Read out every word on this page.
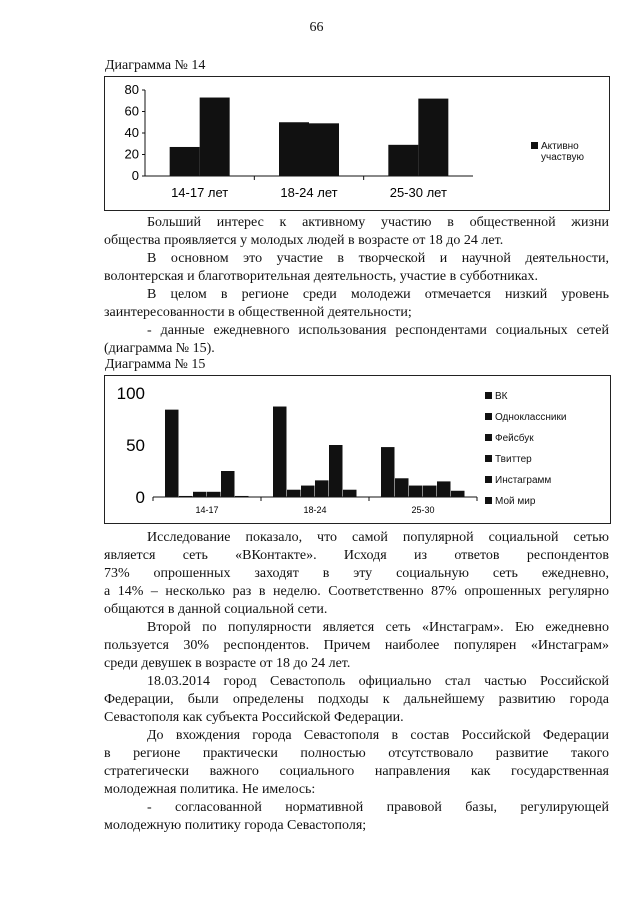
66
Диаграмма № 14
0
20
40
60
80
14-17 лет	18-24 лет	25-30 лет
Активно
участвую
Больший интерес к активному участию в общественной жизни
общества проявляется у молодых людей в возрасте от 18 до 24 лет.
В основном это участие в творческой и научной деятельности,
волонтерская и благотворительная деятельность, участие в субботниках.
В целом в регионе среди молодежи отмечается низкий уровень
заинтересованности в общественной деятельности;
- данные ежедневного использования респондентами социальных сетей
(диаграмма № 15).
Диаграмма № 15
0
50
100
14-17	18-24	25-30
ВК
Одноклассники
Фейсбук
Твиттер
Инстаграмм
Мой мир
Исследование показало, что самой популярной социальной сетью
является сеть «ВКонтакте». Исходя из ответов респондентов
73% опрошенных заходят в эту социальную сеть ежедневно,
а 14% – несколько раз в неделю. Соответственно 87% опрошенных регулярно
общаются в данной социальной сети.
Второй по популярности является сеть «Инстаграм». Ею ежедневно
пользуется 30% респондентов. Причем наиболее популярен «Инстаграм»
среди девушек в возрасте от 18 до 24 лет.
18.03.2014 город Севастополь официально стал частью Российской
Федерации, были определены подходы к дальнейшему развитию города
Севастополя как субъекта Российской Федерации.
До вхождения города Севастополя в состав Российской Федерации
в регионе практически полностью отсутствовало развитие такого
стратегически важного социального направления как государственная
молодежная политика. Не имелось:
- согласованной нормативной правовой базы, регулирующей
молодежную политику города Севастополя;
